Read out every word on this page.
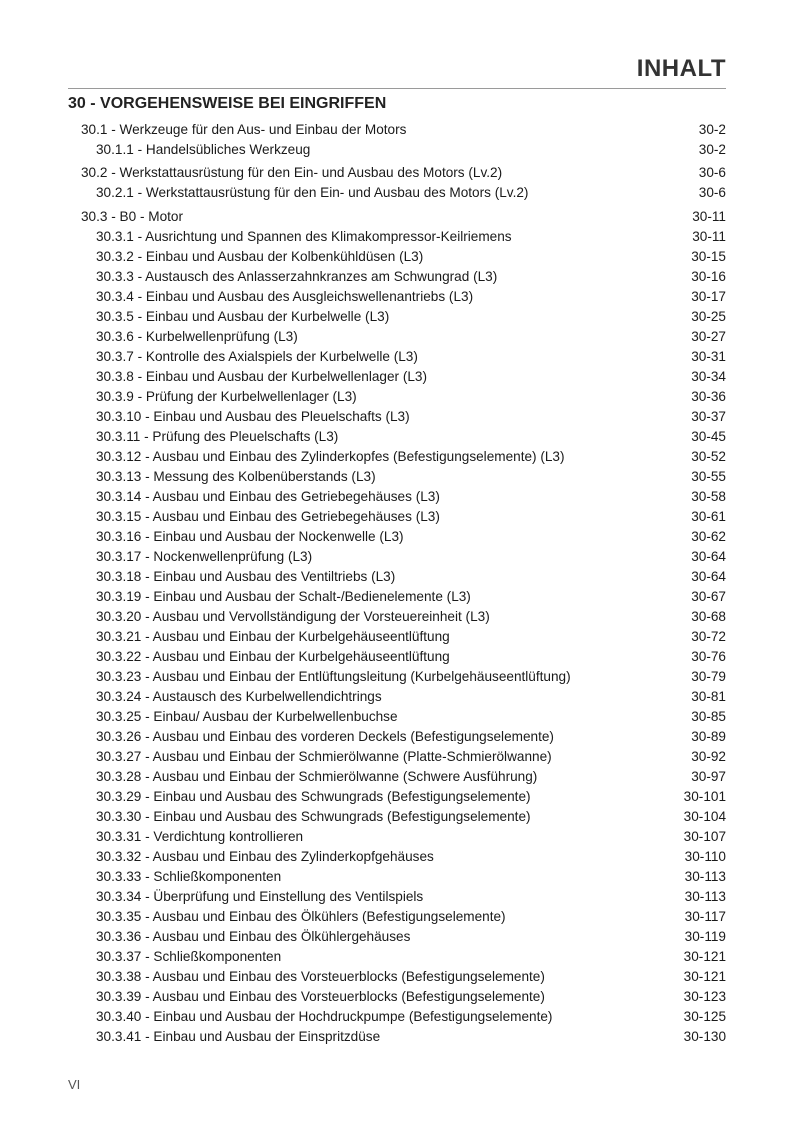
INHALT
30 - VORGEHENSWEISE BEI EINGRIFFEN
30.1 - Werkzeuge für den Aus- und Einbau der Motors	30-2
30.1.1 - Handelsübliches Werkzeug	30-2
30.2 - Werkstattausrüstung für den Ein- und Ausbau des Motors (Lv.2)	30-6
30.2.1 - Werkstattausrüstung für den Ein- und Ausbau des Motors (Lv.2)	30-6
30.3 - B0 - Motor	30-11
30.3.1 - Ausrichtung und Spannen des Klimakompressor-Keilriemens	30-11
30.3.2 - Einbau und Ausbau der Kolbenkühldüsen (L3)	30-15
30.3.3 - Austausch des Anlasserzahnkranzes am Schwungrad (L3)	30-16
30.3.4 - Einbau und Ausbau des Ausgleichswellenantriebs (L3)	30-17
30.3.5 - Einbau und Ausbau der Kurbelwelle (L3)	30-25
30.3.6 - Kurbelwellenprüfung (L3)	30-27
30.3.7 - Kontrolle des Axialspiels der Kurbelwelle (L3)	30-31
30.3.8 - Einbau und Ausbau der Kurbelwellenlager (L3)	30-34
30.3.9 - Prüfung der Kurbelwellenlager (L3)	30-36
30.3.10 - Einbau und Ausbau des Pleuelschafts (L3)	30-37
30.3.11 - Prüfung des Pleuelschafts (L3)	30-45
30.3.12 - Ausbau und Einbau des Zylinderkopfes (Befestigungselemente) (L3)	30-52
30.3.13 - Messung des Kolbenüberstands (L3)	30-55
30.3.14 - Ausbau und Einbau des Getriebegehäuses (L3)	30-58
30.3.15 - Ausbau und Einbau des Getriebegehäuses (L3)	30-61
30.3.16 - Einbau und Ausbau der Nockenwelle (L3)	30-62
30.3.17 - Nockenwellenprüfung (L3)	30-64
30.3.18 - Einbau und Ausbau des Ventiltriebs (L3)	30-64
30.3.19 - Einbau und Ausbau der Schalt-/Bedienelemente (L3)	30-67
30.3.20 - Ausbau und Vervollständigung der Vorsteuereinheit (L3)	30-68
30.3.21 - Ausbau und Einbau der Kurbelgehäuseentlüftung	30-72
30.3.22 - Ausbau und Einbau der Kurbelgehäuseentlüftung	30-76
30.3.23 - Ausbau und Einbau der Entlüftungsleitung (Kurbelgehäuseentlüftung)	30-79
30.3.24 - Austausch des Kurbelwellendichtrings	30-81
30.3.25 - Einbau/ Ausbau der Kurbelwellenbuchse	30-85
30.3.26 - Ausbau und Einbau des vorderen Deckels (Befestigungselemente)	30-89
30.3.27 - Ausbau und Einbau der Schmierölwanne (Platte-Schmierölwanne)	30-92
30.3.28 - Ausbau und Einbau der Schmierölwanne (Schwere Ausführung)	30-97
30.3.29 - Einbau und Ausbau des Schwungrads (Befestigungselemente)	30-101
30.3.30 - Einbau und Ausbau des Schwungrads (Befestigungselemente)	30-104
30.3.31 - Verdichtung kontrollieren	30-107
30.3.32 - Ausbau und Einbau des Zylinderkopfgehäuses	30-110
30.3.33 - Schließkomponenten	30-113
30.3.34 - Überprüfung und Einstellung des Ventilspiels	30-113
30.3.35 - Ausbau und Einbau des Ölkühlers (Befestigungselemente)	30-117
30.3.36 - Ausbau und Einbau des Ölkühlergehäuses	30-119
30.3.37 - Schließkomponenten	30-121
30.3.38 - Ausbau und Einbau des Vorsteuerblocks (Befestigungselemente)	30-121
30.3.39 - Ausbau und Einbau des Vorsteuerblocks (Befestigungselemente)	30-123
30.3.40 - Einbau und Ausbau der Hochdruckpumpe (Befestigungselemente)	30-125
30.3.41 - Einbau und Ausbau der Einspritzdüse	30-130
VI
